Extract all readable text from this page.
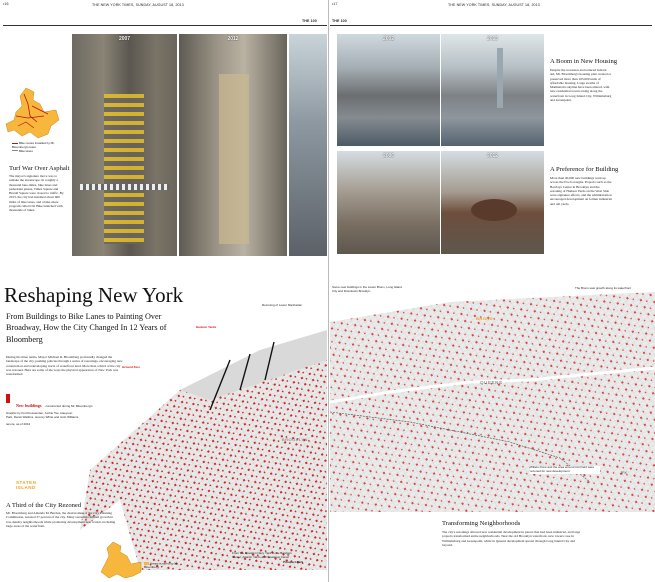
•16	THE NEW YORK TIMES, SUNDAY, AUGUST 18, 2013
THE 100
Bike routes installed by Mr. Bloomberg's team
Bike lanes
Turf War Over Asphalt
The mayor's signature move was to remake the streetscape. In roughly a thousand lane-miles, bike lanes and pedestrian plazas, Times Square and Herald Square were closed to traffic. By 2013, the city had installed about 600 miles of bike lanes, and a bike-share program called Citi Bike launched with thousands of bikes.
2007	2012
Reshaping New York
From Buildings to Bike Lanes to Painting Over Broadway, How the City Changed In 12 Years of Bloomberg
During his three terms, Mayor Michael R. Bloomberg profoundly changed the landscape of the city, pushing policies through a series of rezonings, encouraging new construction and redeveloping tracts of waterfront land. More than a third of the city was rezoned. Here are some of the ways the physical appearance of New York was transformed.
New buildings constructed during Mr. Bloomberg's tenure, as of 2012
Graphic by Ford Fessenden, Archie Tse, Haeyoun Park, Derek Watkins, Jeremy White and Josh Williams
Hudson Yards
Rezoning of Lower Manhattan
Ground Zero
STATEN ISLAND
BROOKLYN
A Third of the City Rezoned
Mr. Bloomberg and Amanda M. Burden, the chairwoman of the City Planning Commission, rezoned 37 percent of the city. Many rezonings limited growth in low-density neighborhoods while promoting development near transit, including large areas of the waterfront.
Areas rezoned by Mr. Bloomberg
From the Brooklyn Navy Yard to the Barclays Center, Atlantic Yards and Gowanus Canal
Prospect Park
•17	THE NEW YORK TIMES, SUNDAY, AUGUST 18, 2013
THE 100
2002	2013
2006	2012
A Boom in New Housing
Despite the recession and reduced federal aid, Mr. Bloomberg's housing plan created or preserved more than 165,000 units of affordable housing. Large swaths of Manhattan's skyline have been altered, with new residential towers rising along the waterfront in Long Island City, Williamsburg and Greenpoint.
A Preference for Building
More than 40,000 new buildings went up across the five boroughs. Projects such as the Barclays Center in Brooklyn and the rezoning of Hudson Yards on the West Side were signature efforts, and the administration encouraged development on former industrial and rail yards.
Some new buildings in the Lower Bronx, Long Island City and Downtown Brooklyn
The Bronx saw growth along its waterfront
BRONX
QUEENS
JFK
Willets Point and the area around Citi Field were rezoned for new development
Transforming Neighborhoods
The city's rezonings allowed new residential development in places that had been industrial, and large projects transformed entire neighborhoods. Near the old Brooklyn waterfront, new towers rose in Williamsburg and Greenpoint, while in Queens development spread through Long Island City and beyond.
